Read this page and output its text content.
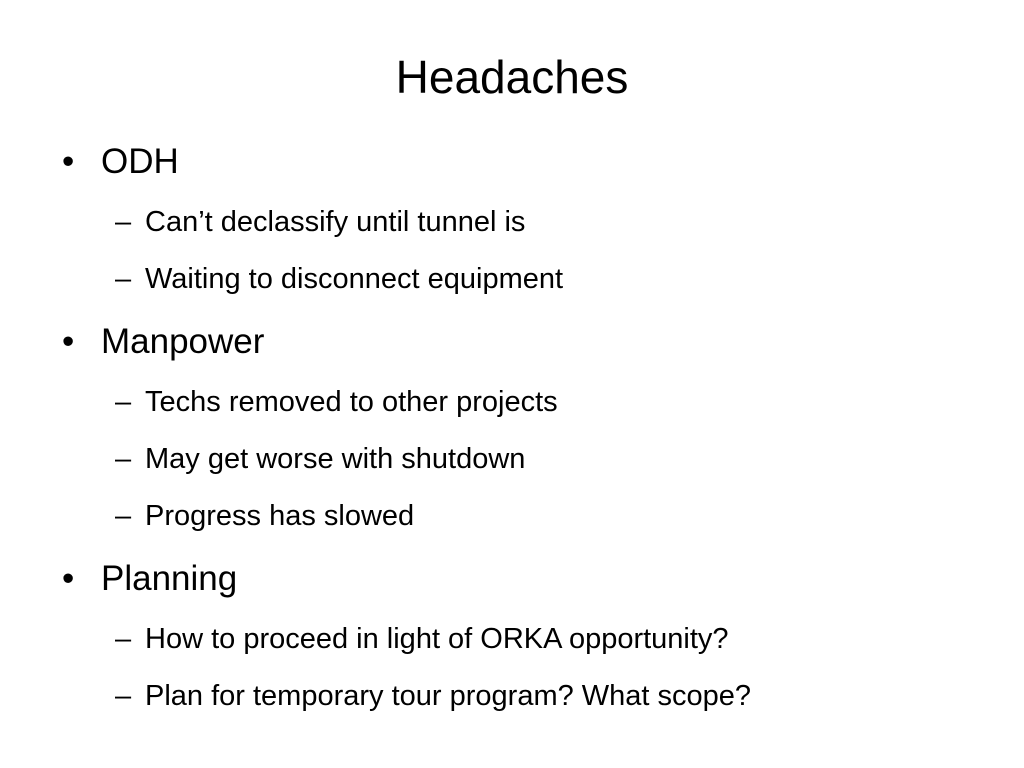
Headaches
• ODH
– Can’t declassify until tunnel is
– Waiting to disconnect equipment
• Manpower
– Techs removed to other projects
– May get worse with shutdown
– Progress has slowed
• Planning
– How to proceed in light of ORKA opportunity?
– Plan for temporary tour program? What scope?
